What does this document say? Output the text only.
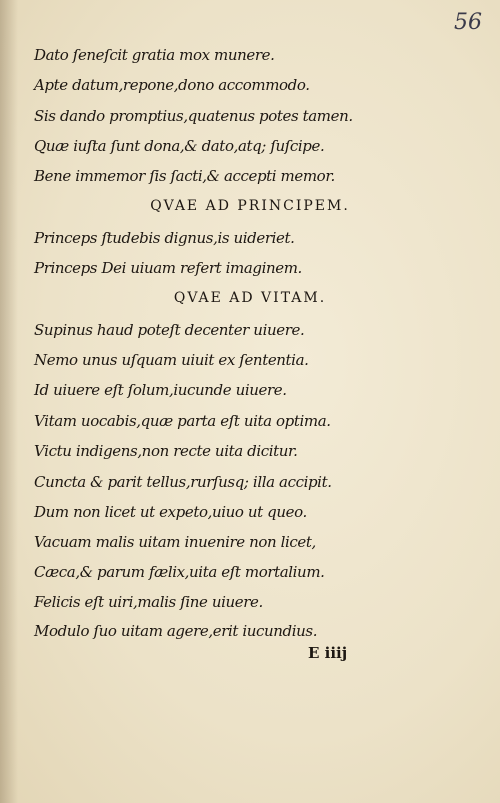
56
Dato ſeneſcit gratia mox munere.
Apte datum,repone,dono accommodo.
Sis dando promptius,quatenus potes tamen.
Quæ iuſta ſunt dona,& dato,atq; ſuſcipe.
Bene immemor ſis ſacti,& accepti memor.
QVAE AD PRINCIPEM.
Princeps ſtudebis dignus,is uideriet.
Princeps Dei uiuam refert imaginem.
QVAE AD VITAM.
Supinus haud poteſt decenter uiuere.
Nemo unus uſquam uiuit ex ſententia.
Id uiuere eſt ſolum,iucunde uiuere.
Vitam uocabis,quæ parta eſt uita optima.
Victu indigens,non recte uita dicitur.
Cuncta & parit tellus,rurſusq; illa accipit.
Dum non licet ut expeto,uiuo ut queo.
Vacuam malis uitam inuenire non licet,
Cæca,& parum fælix,uita eſt mortalium.
Felicis eſt uiri,malis ſine uiuere.
Modulo ſuo uitam agere,erit iucundius.
E iiij
